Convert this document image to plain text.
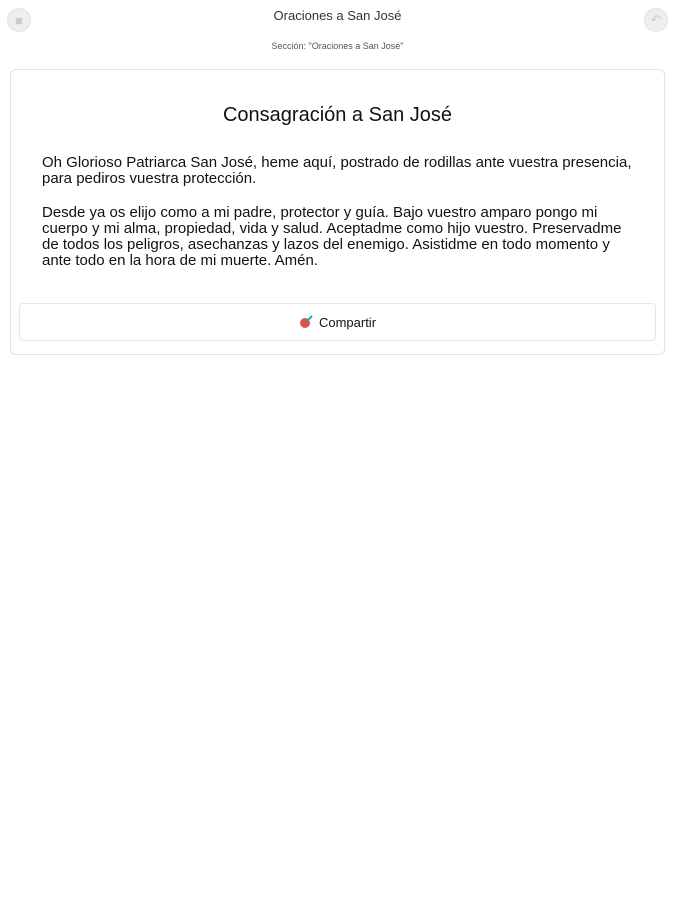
■	Oraciones a San José	↶
Sección: "Oraciones a San José"
Consagración a San José

Oh Glorioso Patriarca San José, heme aquí, postrado de rodillas ante vuestra presencia, para pediros vuestra protección.

Desde ya os elijo como a mi padre, protector y guía. Bajo vuestro amparo pongo mi cuerpo y mi alma, propiedad, vida y salud. Aceptadme como hijo vuestro. Preservadme de todos los peligros, asechanzas y lazos del enemigo. Asistidme en todo momento y ante todo en la hora de mi muerte. Amén.

Compartir
